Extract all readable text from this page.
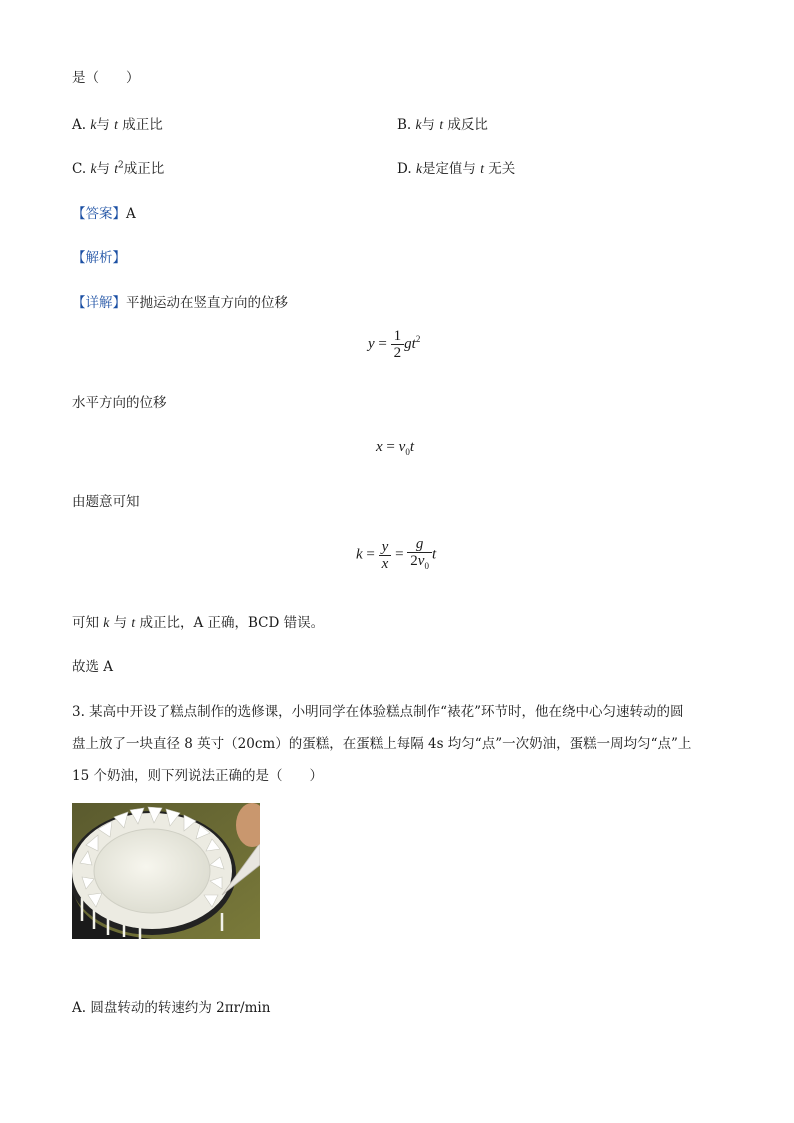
是（　　）
A. k与 t 成正比	B. k与 t 成反比
C. k与 $t^2$成正比	D. k是定值与 t 无关
【答案】A
【解析】
【详解】平抛运动在竖直方向的位移
$y = \frac{1}{2} gt^2$
水平方向的位移
$x = v_0t$
由题意可知
$k = \frac{y}{x} = \frac{g}{2v_0}$ t
可知 k 与 t 成正比，A 正确，BCD 错误。
故选 A
3. 某高中开设了糕点制作的选修课，小明同学在体验糕点制作“裱花”环节时，他在绕中心匀速转动的圆
盘上放了一块直径 8 英寸（20cm）的蛋糕，在蛋糕上每隔 4s 均匀“点”一次奶油，蛋糕一周均匀“点”上
15 个奶油，则下列说法正确的是（　　）
A. 圆盘转动的转速约为 2πr/min
